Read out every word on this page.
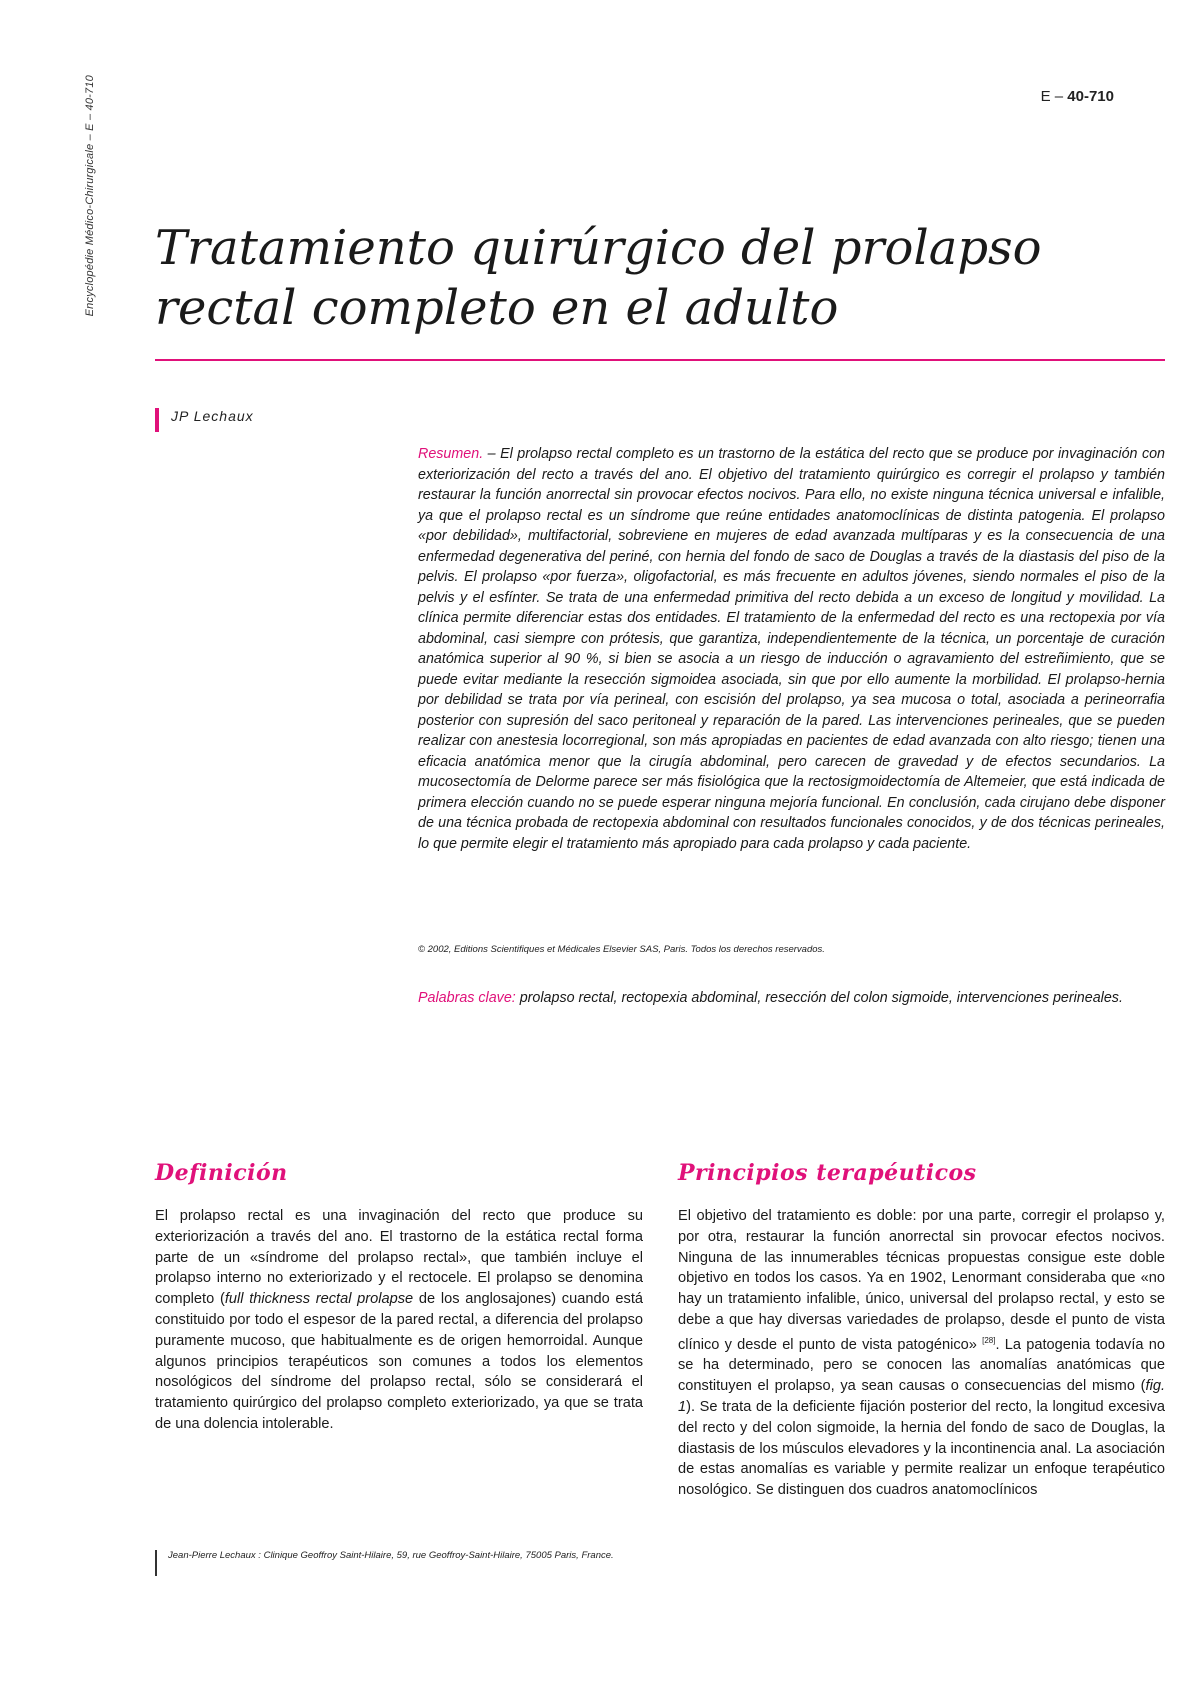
Encyclopédie Médico-Chirurgicale – E – 40-710	E – 40-710
Tratamiento quirúrgico del prolapso rectal completo en el adulto
JP Lechaux

Resumen. – El prolapso rectal completo es un trastorno de la estática del recto que se produce por invaginación con exteriorización del recto a través del ano. El objetivo del tratamiento quirúrgico es corregir el prolapso y también restaurar la función anorrectal sin provocar efectos nocivos. Para ello, no existe ninguna técnica universal e infalible, ya que el prolapso rectal es un síndrome que reúne entidades anatomoclínicas de distinta patogenia. El prolapso «por debilidad», multifactorial, sobreviene en mujeres de edad avanzada multíparas y es la consecuencia de una enfermedad degenerativa del periné, con hernia del fondo de saco de Douglas a través de la diastasis del piso de la pelvis. El prolapso «por fuerza», oligofactorial, es más frecuente en adultos jóvenes, siendo normales el piso de la pelvis y el esfínter. Se trata de una enfermedad primitiva del recto debida a un exceso de longitud y movilidad. La clínica permite diferenciar estas dos entidades. El tratamiento de la enfermedad del recto es una rectopexia por vía abdominal, casi siempre con prótesis, que garantiza, independientemente de la técnica, un porcentaje de curación anatómica superior al 90 %, si bien se asocia a un riesgo de inducción o agravamiento del estreñimiento, que se puede evitar mediante la resección sigmoidea asociada, sin que por ello aumente la morbilidad. El prolapso-hernia por debilidad se trata por vía perineal, con escisión del prolapso, ya sea mucosa o total, asociada a perineorrafia posterior con supresión del saco peritoneal y reparación de la pared. Las intervenciones perineales, que se pueden realizar con anestesia locorregional, son más apropiadas en pacientes de edad avanzada con alto riesgo; tienen una eficacia anatómica menor que la cirugía abdominal, pero carecen de gravedad y de efectos secundarios. La mucosectomía de Delorme parece ser más fisiológica que la rectosigmoidectomía de Altemeier, que está indicada de primera elección cuando no se puede esperar ninguna mejoría funcional. En conclusión, cada cirujano debe disponer de una técnica probada de rectopexia abdominal con resultados funcionales conocidos, y de dos técnicas perineales, lo que permite elegir el tratamiento más apropiado para cada prolapso y cada paciente.

© 2002, Editions Scientifiques et Médicales Elsevier SAS, Paris. Todos los derechos reservados.
Palabras clave: prolapso rectal, rectopexia abdominal, resección del colon sigmoide, intervenciones perineales.
Definición

El prolapso rectal es una invaginación del recto que produce su exteriorización a través del ano. El trastorno de la estática rectal forma parte de un «síndrome del prolapso rectal», que también incluye el prolapso interno no exteriorizado y el rectocele. El prolapso se denomina completo (full thickness rectal prolapse de los anglosajones) cuando está constituido por todo el espesor de la pared rectal, a diferencia del prolapso puramente mucoso, que habitualmente es de origen hemorroidal. Aunque algunos principios terapéuticos son comunes a todos los elementos nosológicos del síndrome del prolapso rectal, sólo se considerará el tratamiento quirúrgico del prolapso completo exteriorizado, ya que se trata de una dolencia intolerable.

Principios terapéuticos

El objetivo del tratamiento es doble: por una parte, corregir el prolapso y, por otra, restaurar la función anorrectal sin provocar efectos nocivos. Ninguna de las innumerables técnicas propuestas consigue este doble objetivo en todos los casos. Ya en 1902, Lenormant consideraba que «no hay un tratamiento infalible, único, universal del prolapso rectal, y esto se debe a que hay diversas variedades de prolapso, desde el punto de vista clínico y desde el punto de vista patogénico» [28]. La patogenia todavía no se ha determinado, pero se conocen las anomalías anatómicas que constituyen el prolapso, ya sean causas o consecuencias del mismo (fig. 1). Se trata de la deficiente fijación posterior del recto, la longitud excesiva del recto y del colon sigmoide, la hernia del fondo de saco de Douglas, la diastasis de los músculos elevadores y la incontinencia anal. La asociación de estas anomalías es variable y permite realizar un enfoque terapéutico nosológico. Se distinguen dos cuadros anatomoclínicos

Jean-Pierre Lechaux : Clinique Geoffroy Saint-Hilaire, 59, rue Geoffroy-Saint-Hilaire, 75005 Paris, France.
